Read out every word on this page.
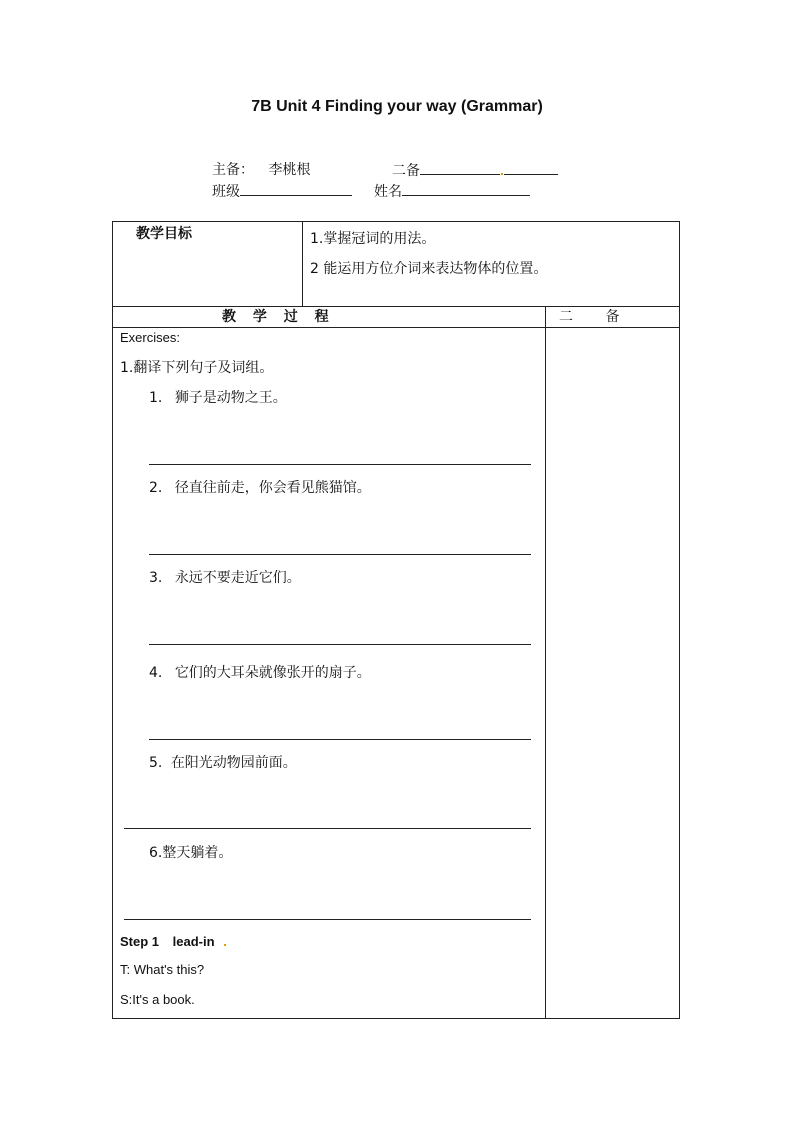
7B Unit 4 Finding your way (Grammar)
主备： 李桃根	二备
班级	姓名
教学目标	1.掌握冠词的用法。
2 能运用方位介词来表达物体的位置。
教 学 过 程	二 备
Exercises:
1.翻译下列句子及词组。
1. 狮子是动物之王。
2. 径直往前走，你会看见熊猫馆。
3. 永远不要走近它们。
4. 它们的大耳朵就像张开的扇子。
5. 在阳光动物园前面。
6.整天躺着。
Step 1 lead-in
T: What's this?
S:It's a book.
